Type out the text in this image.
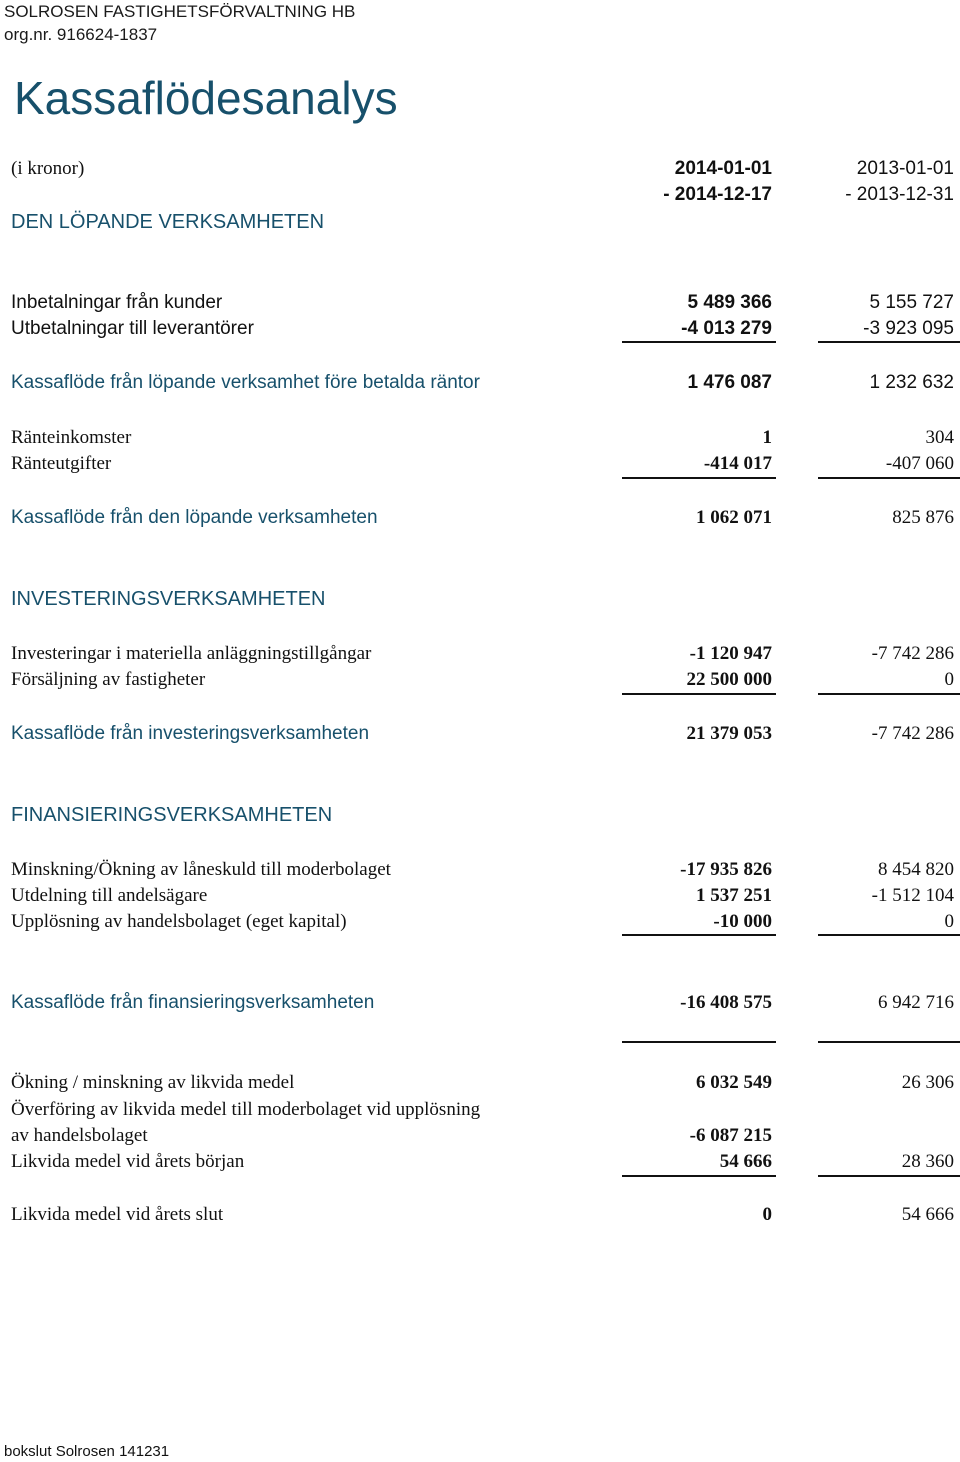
SOLROSEN FASTIGHETSFÖRVALTNING HB
org.nr. 916624-1837
Kassaflödesanalys
(i kronor)	2014-01-01	2013-01-01
- 2014-12-17	- 2013-12-31
DEN LÖPANDE VERKSAMHETEN
Inbetalningar från kunder	5 489 366	5 155 727
Utbetalningar till leverantörer	-4 013 279	-3 923 095
Kassaflöde från löpande verksamhet före betalda räntor	1 476 087	1 232 632
Ränteinkomster	1	304
Ränteutgifter	-414 017	-407 060
Kassaflöde från den löpande verksamheten	1 062 071	825 876
INVESTERINGSVERKSAMHETEN
Investeringar i materiella anläggningstillgångar	-1 120 947	-7 742 286
Försäljning av fastigheter	22 500 000	0
Kassaflöde från investeringsverksamheten	21 379 053	-7 742 286
FINANSIERINGSVERKSAMHETEN
Minskning/Ökning av låneskuld till moderbolaget	-17 935 826	8 454 820
Utdelning till andelsägare	1 537 251	-1 512 104
Upplösning av handelsbolaget (eget kapital)	-10 000	0
Kassaflöde från finansieringsverksamheten	-16 408 575	6 942 716
Ökning / minskning av likvida medel	6 032 549	26 306
Överföring av likvida medel till moderbolaget vid upplösning
av handelsbolaget	-6 087 215
Likvida medel vid årets början	54 666	28 360
Likvida medel vid årets slut	0	54 666
bokslut Solrosen 141231
